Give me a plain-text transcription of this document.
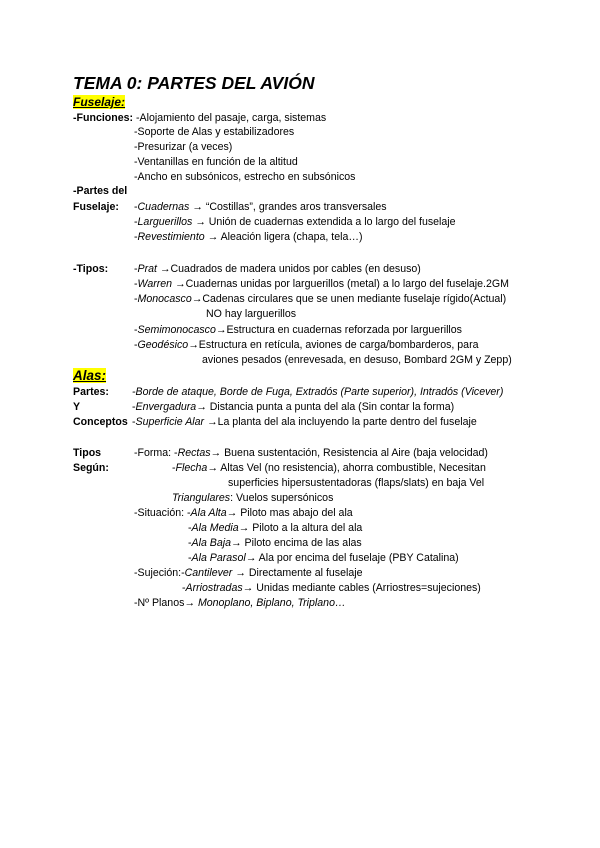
TEMA 0: PARTES DEL AVIÓN
Fuselaje:
-Funciones: -Alojamiento del pasaje, carga, sistemas
-Soporte de Alas y estabilizadores
-Presurizar (a veces)
-Ventanillas en función de la altitud
-Ancho en subsónicos, estrecho en subsónicos
-Partes del
Fuselaje: -Cuadernas → “Costillas”, grandes aros transversales
-Larguerillos → Unión de cuadernas extendida a lo largo del fuselaje
-Revestimiento → Aleación ligera (chapa, tela…)
-Tipos: -Prat →Cuadrados de madera unidos por cables (en desuso)
-Warren →Cuadernas unidas por larguerillos (metal) a lo largo del fuselaje.2GM
-Monocasco→Cadenas circulares que se unen mediante fuselaje rígido(Actual)
NO hay larguerillos
-Semimonocasco→Estructura en cuadernas reforzada por larguerillos
-Geodésico→Estructura en retícula, aviones de carga/bombarderos, para
aviones pesados (enrevesada, en desuso, Bombard 2GM y Zepp)
Alas:
Partes:
Y
Conceptos
-Borde de ataque, Borde de Fuga, Extradós (Parte superior), Intradós (Vicever)
-Envergadura→ Distancia punta a punta del ala (Sin contar la forma)
-Superficie Alar →La planta del ala incluyendo la parte dentro del fuselaje
Tipos
Según:
-Forma: -Rectas→ Buena sustentación, Resistencia al Aire (baja velocidad)
-Flecha→ Altas Vel (no resistencia), ahorra combustible, Necesitan
superficies hipersustentadoras (flaps/slats) en baja Vel
Triangulares: Vuelos supersónicos
-Situación: -Ala Alta→ Piloto mas abajo del ala
-Ala Media→ Piloto a la altura del ala
-Ala Baja→ Piloto encima de las alas
-Ala Parasol→ Ala por encima del fuselaje (PBY Catalina)
-Sujeción:-Cantilever → Directamente al fuselaje
-Arriostradas→ Unidas mediante cables (Arriostres=sujeciones)
-Nº Planos→ Monoplano, Biplano, Triplano…
